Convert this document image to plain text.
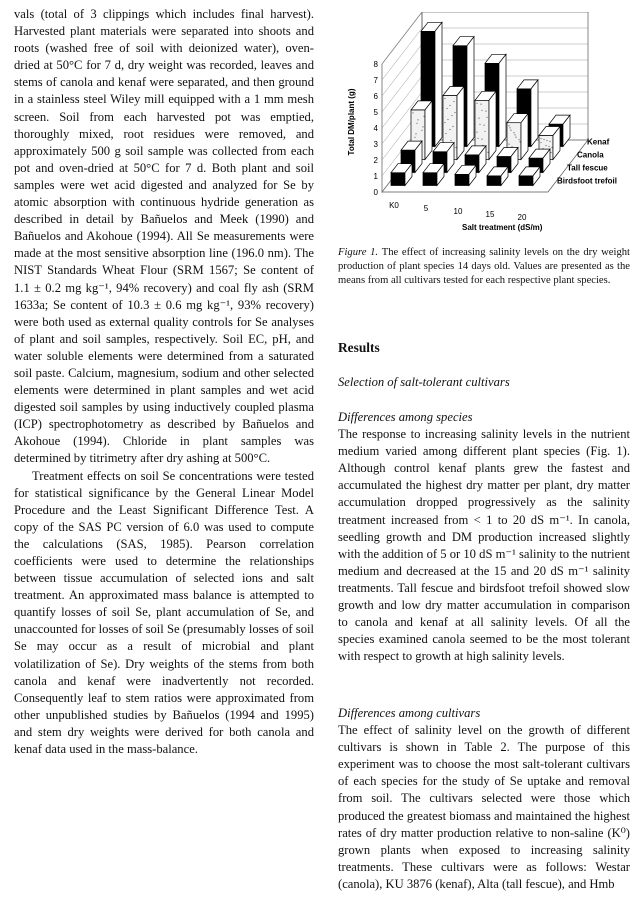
vals (total of 3 clippings which includes final harvest). Harvested plant materials were separated into shoots and roots (washed free of soil with deionized water), oven-dried at 50°C for 7 d, dry weight was recorded, leaves and stems of canola and kenaf were separated, and then ground in a stainless steel Wiley mill equipped with a 1 mm mesh screen. Soil from each harvested pot was emptied, thoroughly mixed, root residues were removed, and approximately 500 g soil sample was collected from each pot and oven-dried at 50°C for 7 d. Both plant and soil samples were wet acid digested and analyzed for Se by atomic absorption with continuous hydride generation as described in detail by Bañuelos and Meek (1990) and Bañuelos and Akohoue (1994). All Se measurements were made at the most sensitive absorption line (196.0 nm). The NIST Standards Wheat Flour (SRM 1567; Se content of 1.1 ± 0.2 mg kg⁻¹, 94% recovery) and coal fly ash (SRM 1633a; Se content of 10.3 ± 0.6 mg kg⁻¹, 93% recovery) were both used as external quality controls for Se analyses of plant and soil samples, respectively. Soil EC, pH, and water soluble elements were determined from a saturated soil paste. Calcium, magnesium, sodium and other selected elements were determined in plant samples and wet acid digested soil samples by using inductively coupled plasma (ICP) spectrophotometry as described by Bañuelos and Akohoue (1994). Chloride in plant samples was determined by titrimetry after dry ashing at 500°C.

Treatment effects on soil Se concentrations were tested for statistical significance by the General Linear Model Procedure and the Least Significant Difference Test. A copy of the SAS PC version of 6.0 was used to compute the calculations (SAS, 1985). Pearson correlation coefficients were used to determine the relationships between tissue accumulation of selected ions and salt treatment. An approximated mass balance is attempted to quantify losses of soil Se, plant accumulation of Se, and unaccounted for losses of soil Se (presumably losses of soil Se may occur as a result of microbial and plant volatilization of Se). Dry weights of the stems from both canola and kenaf were inadvertently not recorded. Consequently leaf to stem ratios were approximated from other unpublished studies by Bañuelos (1994 and 1995) and stem dry weights were derived for both canola and kenaf data used in the mass-balance.

0
1
2
3
4
5
6
7
8
Total DM/plant (g)	Kenaf
Canola
Tall fescue
Birdsfoot trefoil
K0	5	10	15	20
Salt treatment (dS/m)
Figure 1. The effect of increasing salinity levels on the dry weight production of plant species 14 days old. Values are presented as the means from all cultivars tested for each respective plant species.
Results

Selection of salt-tolerant cultivars

Differences among species

The response to increasing salinity levels in the nutrient medium varied among different plant species (Fig. 1). Although control kenaf plants grew the fastest and accumulated the highest dry matter per plant, dry matter accumulation dropped progressively as the salinity treatment increased from < 1 to 20 dS m⁻¹. In canola, seedling growth and DM production increased slightly with the addition of 5 or 10 dS m⁻¹ salinity to the nutrient medium and decreased at the 15 and 20 dS m⁻¹ salinity treatments. Tall fescue and birdsfoot trefoil showed slow growth and low dry matter accumulation in comparison to canola and kenaf at all salinity levels. Of all the species examined canola seemed to be the most tolerant with respect to growth at high salinity levels.

Differences among cultivars

The effect of salinity level on the growth of different cultivars is shown in Table 2. The purpose of this experiment was to choose the most salt-tolerant cultivars of each species for the study of Se uptake and removal from soil. The cultivars selected were those which produced the greatest biomass and maintained the highest rates of dry matter production relative to non-saline (K⁰) grown plants when exposed to increasing salinity treatments. These cultivars were as follows: Westar (canola), KU 3876 (kenaf), Alta (tall fescue), and Hmb
